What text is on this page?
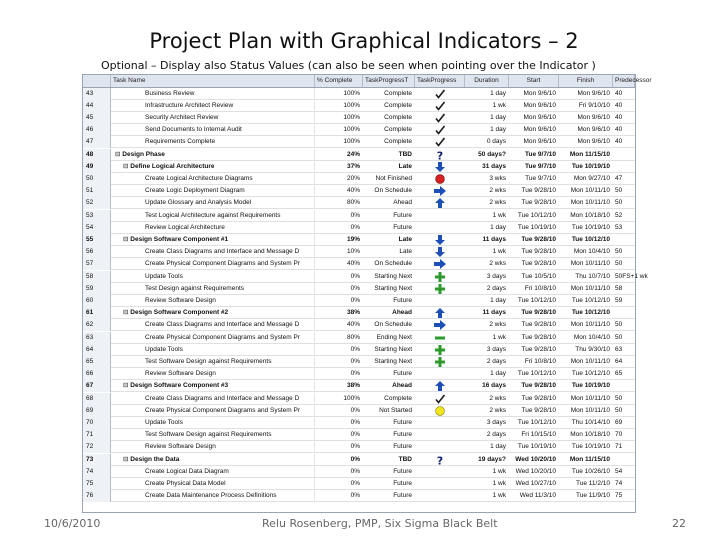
Project Plan with Graphical Indicators – 2
Optional – Display also Status Values (can also be seen when pointing over the Indicator )
Task Name	% Complete	TaskProgressT	TaskProgress	Duration	Start	Finish	Predecessor
43	Business Review	100%	Complete	1 day	Mon 9/6/10	Mon 9/6/10 40
44	Infrastructure Architect Review	100%	Complete	1 wk	Mon 9/6/10	Fri 9/10/10 40
45	Security Architect Review	100%	Complete	1 day	Mon 9/6/10	Mon 9/6/10 40
46	Send Documents to Internal Audit	100%	Complete	1 day	Mon 9/6/10	Mon 9/6/10 40
47	Requirements Complete	100%	Complete	0 days	Mon 9/6/10	Mon 9/6/10 40
48	⊟ Design Phase	24%	TBD ?	50 days?	Tue 9/7/10	Mon 11/15/10
49	⊟ Define Logical Architecture	37%	Late	31 days	Tue 9/7/10	Tue 10/19/10
50	Create Logical Architecture Diagrams	20%	Not Finished	3 wks	Tue 9/7/10	Mon 9/27/10 47
51	Create Logic Deployment Diagram	40%	On Schedule	2 wks	Tue 9/28/10	Mon 10/11/10 50
52	Update Glossary and Analysis Model	80%	Ahead	2 wks	Tue 9/28/10	Mon 10/11/10 50
53	Test Logical Architecture against Requirements	0%	Future	1 wk	Tue 10/12/10	Mon 10/18/10 52
54	Review Logical Architecture	0%	Future	1 day	Tue 10/19/10	Tue 10/19/10 53
55	⊟ Design Software Component #1	19%	Late	11 days	Tue 9/28/10	Tue 10/12/10
56	Create Class Diagrams and Interface and Message D	10%	Late	1 wk	Tue 9/28/10	Mon 10/4/10 50
57	Create Physical Component Diagrams and System Pr	40%	On Schedule	2 wks	Tue 9/28/10	Mon 10/11/10 50
58	Update Tools	0%	Starting Next	3 days	Tue 10/5/10	Thu 10/7/10 50FS+1 wk
59	Test Design against Requirements	0%	Starting Next	2 days	Fri 10/8/10	Mon 10/11/10 58
60	Review Software Design	0%	Future	1 day	Tue 10/12/10	Tue 10/12/10 59
61	⊟ Design Software Component #2	38%	Ahead	11 days	Tue 9/28/10	Tue 10/12/10
62	Create Class Diagrams and Interface and Message D	40%	On Schedule	2 wks	Tue 9/28/10	Mon 10/11/10 50
63	Create Physical Component Diagrams and System Pr	80%	Ending Next	1 wk	Tue 9/28/10	Mon 10/4/10 50
64	Update Tools	0%	Starting Next	3 days	Tue 9/28/10	Thu 9/30/10 63
65	Test Software Design against Requirements	0%	Starting Next	2 days	Fri 10/8/10	Mon 10/11/10 64
66	Review Software Design	0%	Future	1 day	Tue 10/12/10	Tue 10/12/10 65
67	⊟ Design Software Component #3	38%	Ahead	16 days	Tue 9/28/10	Tue 10/19/10
68	Create Class Diagrams and Interface and Message D	100%	Complete	2 wks	Tue 9/28/10	Mon 10/11/10 50
69	Create Physical Component Diagrams and System Pr	0%	Not Started	2 wks	Tue 9/28/10	Mon 10/11/10 50
70	Update Tools	0%	Future	3 days	Tue 10/12/10	Thu 10/14/10 69
71	Test Software Design against Requirements	0%	Future	2 days	Fri 10/15/10	Mon 10/18/10 70
72	Review Software Design	0%	Future	1 day	Tue 10/19/10	Tue 10/19/10 71
73	⊟ Design the Data	0%	TBD ?	19 days?	Wed 10/20/10	Mon 11/15/10
74	Create Logical Data Diagram	0%	Future	1 wk	Wed 10/20/10	Tue 10/26/10 54
75	Create Physical Data Model	0%	Future	1 wk	Wed 10/27/10	Tue 11/2/10 74
76	Create Data Maintenance Process Definitions	0%	Future	1 wk	Wed 11/3/10	Tue 11/9/10 75
10/6/2010	Relu Rosenberg, PMP, Six Sigma Black Belt	22
